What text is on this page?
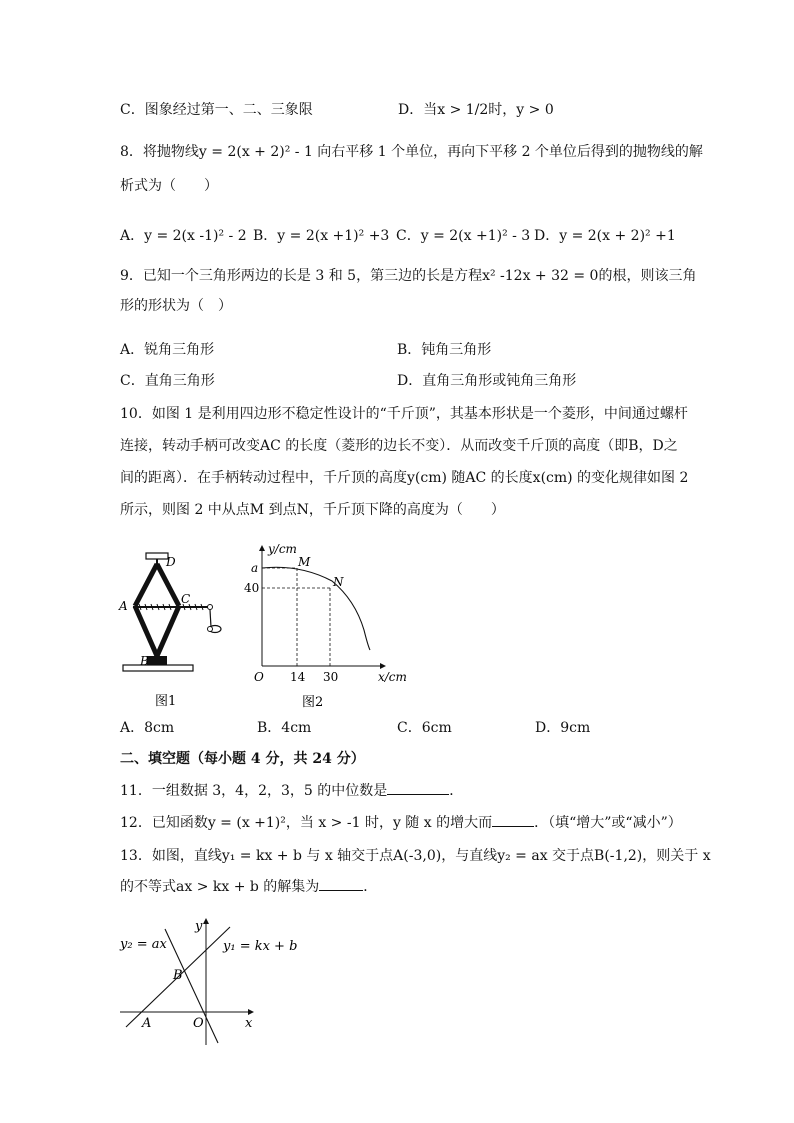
C．图象经过第一、二、三象限	D．当x > 1/2时，y > 0
8．将抛物线y = 2(x + 2)² - 1 向右平移 1 个单位，再向下平移 2 个单位后得到的抛物线的解
析式为（　　）
A．y = 2(x -1)² - 2 B．y = 2(x +1)² +3 C．y = 2(x +1)² - 3 D．y = 2(x + 2)² +1
9．已知一个三角形两边的长是 3 和 5，第三边的长是方程x² -12x + 32 = 0的根，则该三角
形的形状为（　）
A．锐角三角形	B．钝角三角形
C．直角三角形	D．直角三角形或钝角三角形
10．如图 1 是利用四边形不稳定性设计的“千斤顶”，其基本形状是一个菱形，中间通过螺杆
连接，转动手柄可改变AC 的长度（菱形的边长不变）．从而改变千斤顶的高度（即B，D之
间的距离）．在手柄转动过程中，千斤顶的高度y(cm) 随AC 的长度x(cm) 的变化规律如图 2
所示，则图 2 中从点M 到点N，千斤顶下降的高度为（　　）
D
A	C
B
图1
y/cm
x/cm
O
a
40
14 30
M
N
图2
A．8cm	B．4cm	C．6cm	D．9cm
二、填空题（每小题 4 分，共 24 分）
11．一组数据 3，4，2，3，5 的中位数是	．
12．已知函数y = (x +1)²，当 x > -1 时，y 随 x 的增大而	．（填“增大”或“减小”）
13．如图，直线y₁ = kx + b 与 x 轴交于点A(-3,0)，与直线y₂ = ax 交于点B(-1,2)，则关于 x
的不等式ax > kx + b 的解集为	．
y₂ = ax	y₁ = kx + b
y
x
A
B
O
